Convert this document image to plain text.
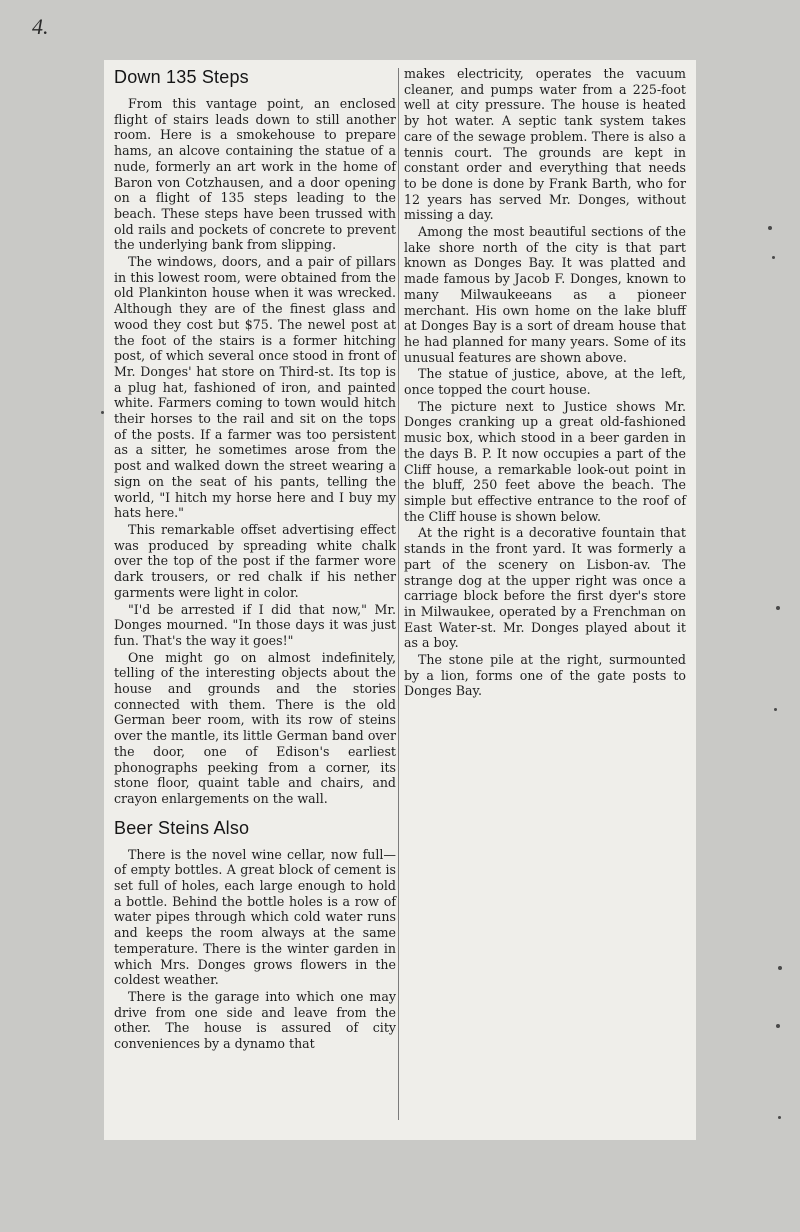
4.
Down 135 Steps

From this vantage point, an enclosed flight of stairs leads down to still another room. Here is a smokehouse to prepare hams, an alcove containing the statue of a nude, formerly an art work in the home of Baron von Cotzhausen, and a door opening on a flight of 135 steps leading to the beach. These steps have been trussed with old rails and pockets of concrete to prevent the underlying bank from slipping.

The windows, doors, and a pair of pillars in this lowest room, were obtained from the old Plankinton house when it was wrecked. Although they are of the finest glass and wood they cost but $75. The newel post at the foot of the stairs is a former hitching post, of which several once stood in front of Mr. Donges' hat store on Third-st. Its top is a plug hat, fashioned of iron, and painted white. Farmers coming to town would hitch their horses to the rail and sit on the tops of the posts. If a farmer was too persistent as a sitter, he sometimes arose from the post and walked down the street wearing a sign on the seat of his pants, telling the world, "I hitch my horse here and I buy my hats here."

This remarkable offset advertising effect was produced by spreading white chalk over the top of the post if the farmer wore dark trousers, or red chalk if his nether garments were light in color.

"I'd be arrested if I did that now," Mr. Donges mourned. "In those days it was just fun. That's the way it goes!"

One might go on almost indefinitely, telling of the interesting objects about the house and grounds and the stories connected with them. There is the old German beer room, with its row of steins over the mantle, its little German band over the door, one of Edison's earliest phonographs peeking from a corner, its stone floor, quaint table and chairs, and crayon enlargements on the wall.

Beer Steins Also

There is the novel wine cellar, now full—of empty bottles. A great block of cement is set full of holes, each large enough to hold a bottle. Behind the bottle holes is a row of water pipes through which cold water runs and keeps the room always at the same temperature. There is the winter garden in which Mrs. Donges grows flowers in the coldest weather.

There is the garage into which one may drive from one side and leave from the other. The house is assured of city conveniences by a dynamo that

makes electricity, operates the vacuum cleaner, and pumps water from a 225-foot well at city pressure. The house is heated by hot water. A septic tank system takes care of the sewage problem. There is also a tennis court. The grounds are kept in constant order and everything that needs to be done is done by Frank Barth, who for 12 years has served Mr. Donges, without missing a day.

Among the most beautiful sections of the lake shore north of the city is that part known as Donges Bay. It was platted and made famous by Jacob F. Donges, known to many Milwaukeeans as a pioneer merchant. His own home on the lake bluff at Donges Bay is a sort of dream house that he had planned for many years. Some of its unusual features are shown above.

The statue of justice, above, at the left, once topped the court house.

The picture next to Justice shows Mr. Donges cranking up a great old-fashioned music box, which stood in a beer garden in the days B. P. It now occupies a part of the Cliff house, a remarkable look-out point in the bluff, 250 feet above the beach. The simple but effective entrance to the roof of the Cliff house is shown below.

At the right is a decorative fountain that stands in the front yard. It was formerly a part of the scenery on Lisbon-av. The strange dog at the upper right was once a carriage block before the first dyer's store in Milwaukee, operated by a Frenchman on East Water-st. Mr. Donges played about it as a boy.

The stone pile at the right, surmounted by a lion, forms one of the gate posts to Donges Bay.
